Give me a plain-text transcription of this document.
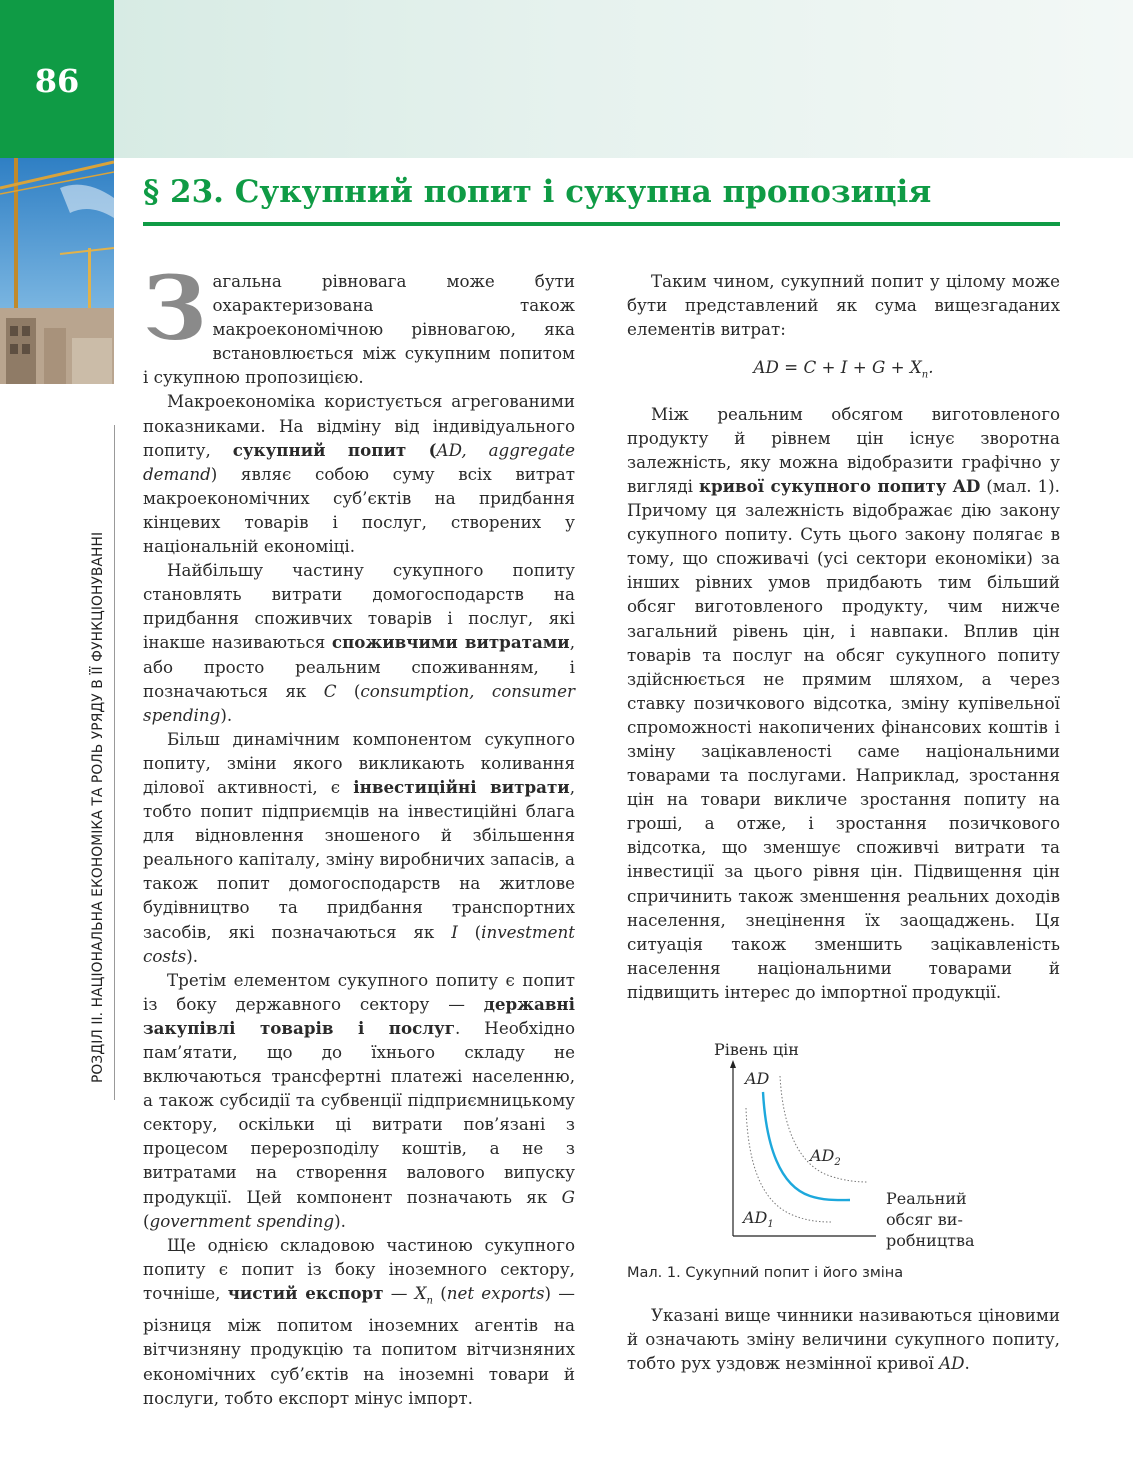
86
РОЗДІЛ II. НАЦІОНАЛЬНА ЕКОНОМІКА ТА РОЛЬ УРЯДУ В ЇЇ ФУНКЦІОНУВАННІ
§ 23. Сукупний попит і сукупна пропозиція

Загальна рівновага може бути охарактеризована також макроекономічною рівновагою, яка встановлюється між сукупним попитом і сукупною пропозицією.

Макроекономіка користується агрегованими показниками. На відміну від індивідуального попиту, сукупний попит (AD, aggregate demand) являє собою суму всіх витрат макроекономічних суб’єктів на придбання кінцевих товарів і послуг, створених у національній економіці.

Найбільшу частину сукупного попиту становлять витрати домогосподарств на придбання споживчих товарів і послуг, які інакше називаються споживчими витратами, або просто реальним споживанням, і позначаються як C (consumption, consumer spending).

Більш динамічним компонентом сукупного попиту, зміни якого викликають коливання ділової активності, є інвестиційні витрати, тобто попит підприємців на інвестиційні блага для відновлення зношеного й збільшення реального капіталу, зміну виробничих запасів, а також попит домогосподарств на житлове будівництво та придбання транспортних засобів, які позначаються як I (investment costs).

Третім елементом сукупного попиту є попит із боку державного сектору — державні закупівлі товарів і послуг. Необхідно пам’ятати, що до їхнього складу не включаються трансфертні платежі населенню, а також субсидії та субвенції підприємницькому сектору, оскільки ці витрати пов’язані з процесом перерозподілу коштів, а не з витратами на створення валового випуску продукції. Цей компонент позначають як G (government spending).

Ще однією складовою частиною сукупного попиту є попит із боку іноземного сектору, точніше, чистий експорт — $X_n$ (net exports) — різниця між попитом іноземних агентів на вітчизняну продукцію та попитом вітчизняних економічних суб’єктів на іноземні товари й послуги, тобто експорт мінус імпорт.

Таким чином, сукупний попит у цілому може бути представлений як сума вищезгаданих елементів витрат:

AD = $C + I + G + X_n$.

Між реальним обсягом виготовленого продукту й рівнем цін існує зворотна залежність, яку можна відобразити графічно у вигляді кривої сукупного попиту AD (мал. 1). Причому ця залежність відображає дію закону сукупного попиту. Суть цього закону полягає в тому, що споживачі (усі сектори економіки) за інших рівних умов придбають тим більший обсяг виготовленого продукту, чим нижче загальний рівень цін, і навпаки. Вплив цін товарів та послуг на обсяг сукупного попиту здійснюється не прямим шляхом, а через ставку позичкового відсотка, зміну купівельної спроможності накопичених фінансових коштів і зміну зацікавленості саме національними товарами та послугами. Наприклад, зростання цін на товари викличе зростання попиту на гроші, а отже, і зростання позичкового відсотка, що зменшує споживчі витрати та інвестиції за цього рівня цін. Підвищення цін спричинить також зменшення реальних доходів населення, знецінення їх заощаджень. Ця ситуація також зменшить зацікавленість населення національними товарами й підвищить інтерес до імпортної продукції.

Рівень цін
AD
$AD_2$
$AD_1$
Реальний
обсяг ви-
робництва
Мал. 1. Сукупний попит і його зміна

Указані вище чинники називаються ціновими й означають зміну величини сукупного попиту, тобто рух уздовж незмінної кривої AD.
